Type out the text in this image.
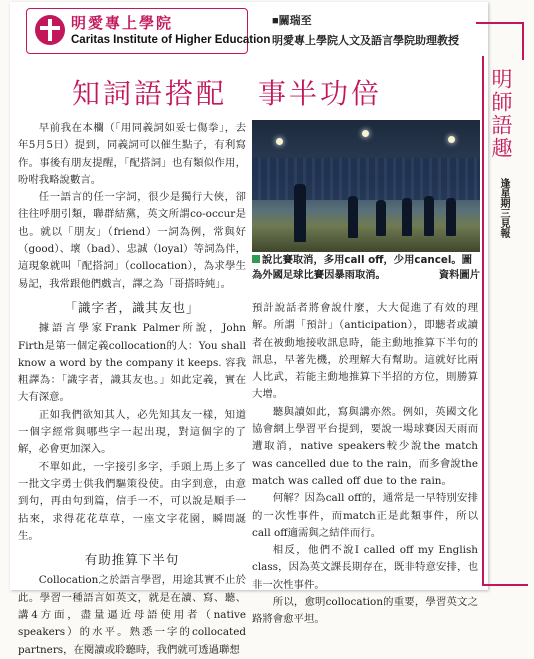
明愛專上學院
Caritas Institute of Higher Education
■關瑞至
明愛專上學院人文及語言學院助理教授
明師語趣
逢星期三見報
知詞語搭配　事半功倍

早前我在本欄（「用同義詞如妥七傷拳」，去年5月5日）提到，同義詞可以催生點子，有利寫作。事後有朋友提醒，「配搭詞」也有類似作用，吩咐我略說數言。

任一語言的任一字詞，很少是獨行大俠，卻往往呼朋引類，聯群結黨，英文所謂co-occur是也。就以「朋友」（friend）一詞為例，常與好（good）、壞（bad）、忠誠（loyal）等詞為伴，這現象就叫「配搭詞」（collocation），為求學生易記，我常跟他們戲言，譯之為「哥搭時純」。

「識字者，識其友也」

據語言學家Frank Palmer所說，John Firth是第一個定義collocation的人：You shall know a word by the company it keeps. 容我粗譯為：「識字者，識其友也。」如此定義，實在大有深意。

正如我們欲知其人，必先知其友一樣，知道一個字經常與哪些字一起出現，對這個字的了解，必會更加深入。

不單如此，一字接引多字，手頭上馬上多了一批文字勇士供我們驅策役使。由字到意，由意到句，再由句到篇，信手一不，可以說是順手一拈來，求得花花草草，一座文字花園，瞬間誕生。

有助推算下半句

Collocation之於語言學習，用途其實不止於此。學習一種語言如英文，就是在讀、寫、聽、講4方面，盡量逼近母語使用者（native speakers）的水平。熟悉一字的collocated partners，在閱讀或聆聽時，我們就可透過聯想

說比賽取消，多用call off，少用cancel。圖為外國足球比賽因暴雨取消。	資料圖片

預計說話者將會說什麼，大大促進了有效的理解。所謂「預計」（anticipation），即聽者或讀者在被動地接收訊息時，能主動地推算下半句的訊息，早著先機，於理解大有幫助。這就好比兩人比武，若能主動地推算下半招的方位，則勝算大增。

聽與讀如此，寫與講亦然。例如，英國文化協會網上學習平台提到，要說一場球賽因天雨而遭取消，native speakers較少說the match was cancelled due to the rain，而多會說the match was called off due to the rain。

何解？因為call off的，通常是一早特別安排的一次性事件，而match正是此類事件，所以call off適需與之結伴而行。

相反，他們不說I called off my English class，因為英文課長期存在，既非特意安排，也非一次性事件。

所以，愈明collocation的重要，學習英文之路將會愈平坦。
